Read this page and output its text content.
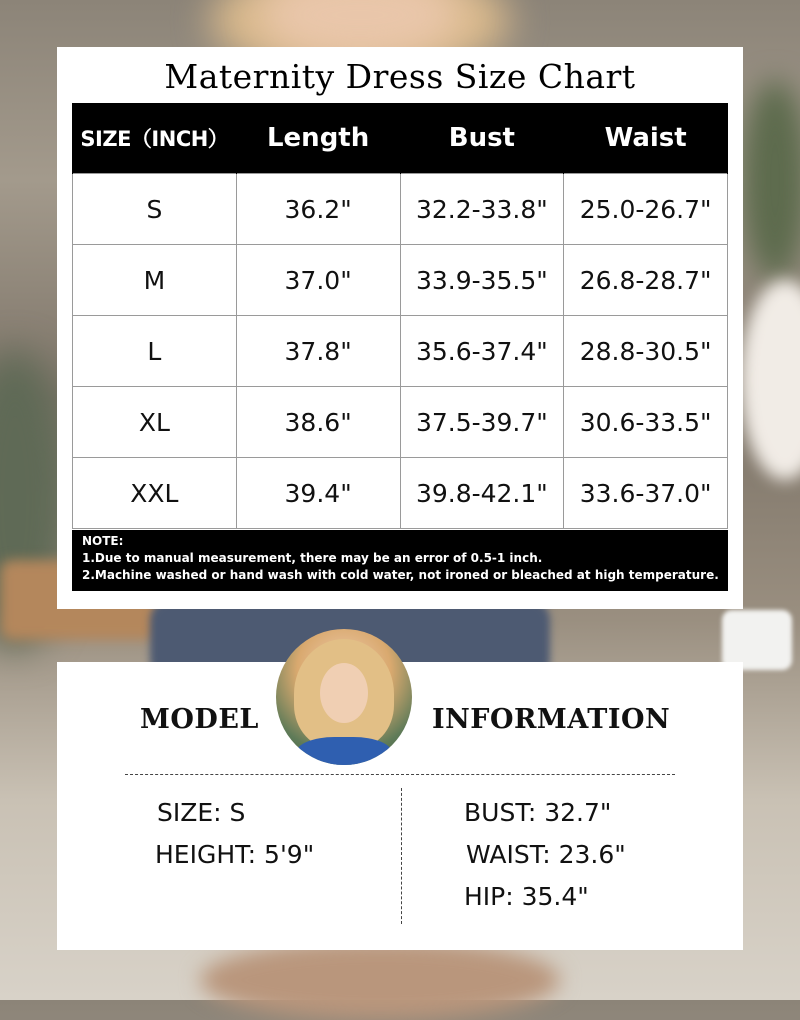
Maternity Dress Size Chart
SIZE（INCH）	Length	Bust	Waist
S	36.2"	32.2-33.8"	25.0-26.7"
M	37.0"	33.9-35.5"	26.8-28.7"
L	37.8"	35.6-37.4"	28.8-30.5"
XL	38.6"	37.5-39.7"	30.6-33.5"
XXL	39.4"	39.8-42.1"	33.6-37.0"
NOTE:
1.Due to manual measurement, there may be an error of 0.5-1 inch.
2.Machine washed or hand wash with cold water, not ironed or bleached at high temperature.
MODEL	INFORMATION
SIZE: S
HEIGHT: 5'9"
BUST: 32.7"
WAIST: 23.6"
HIP: 35.4"
